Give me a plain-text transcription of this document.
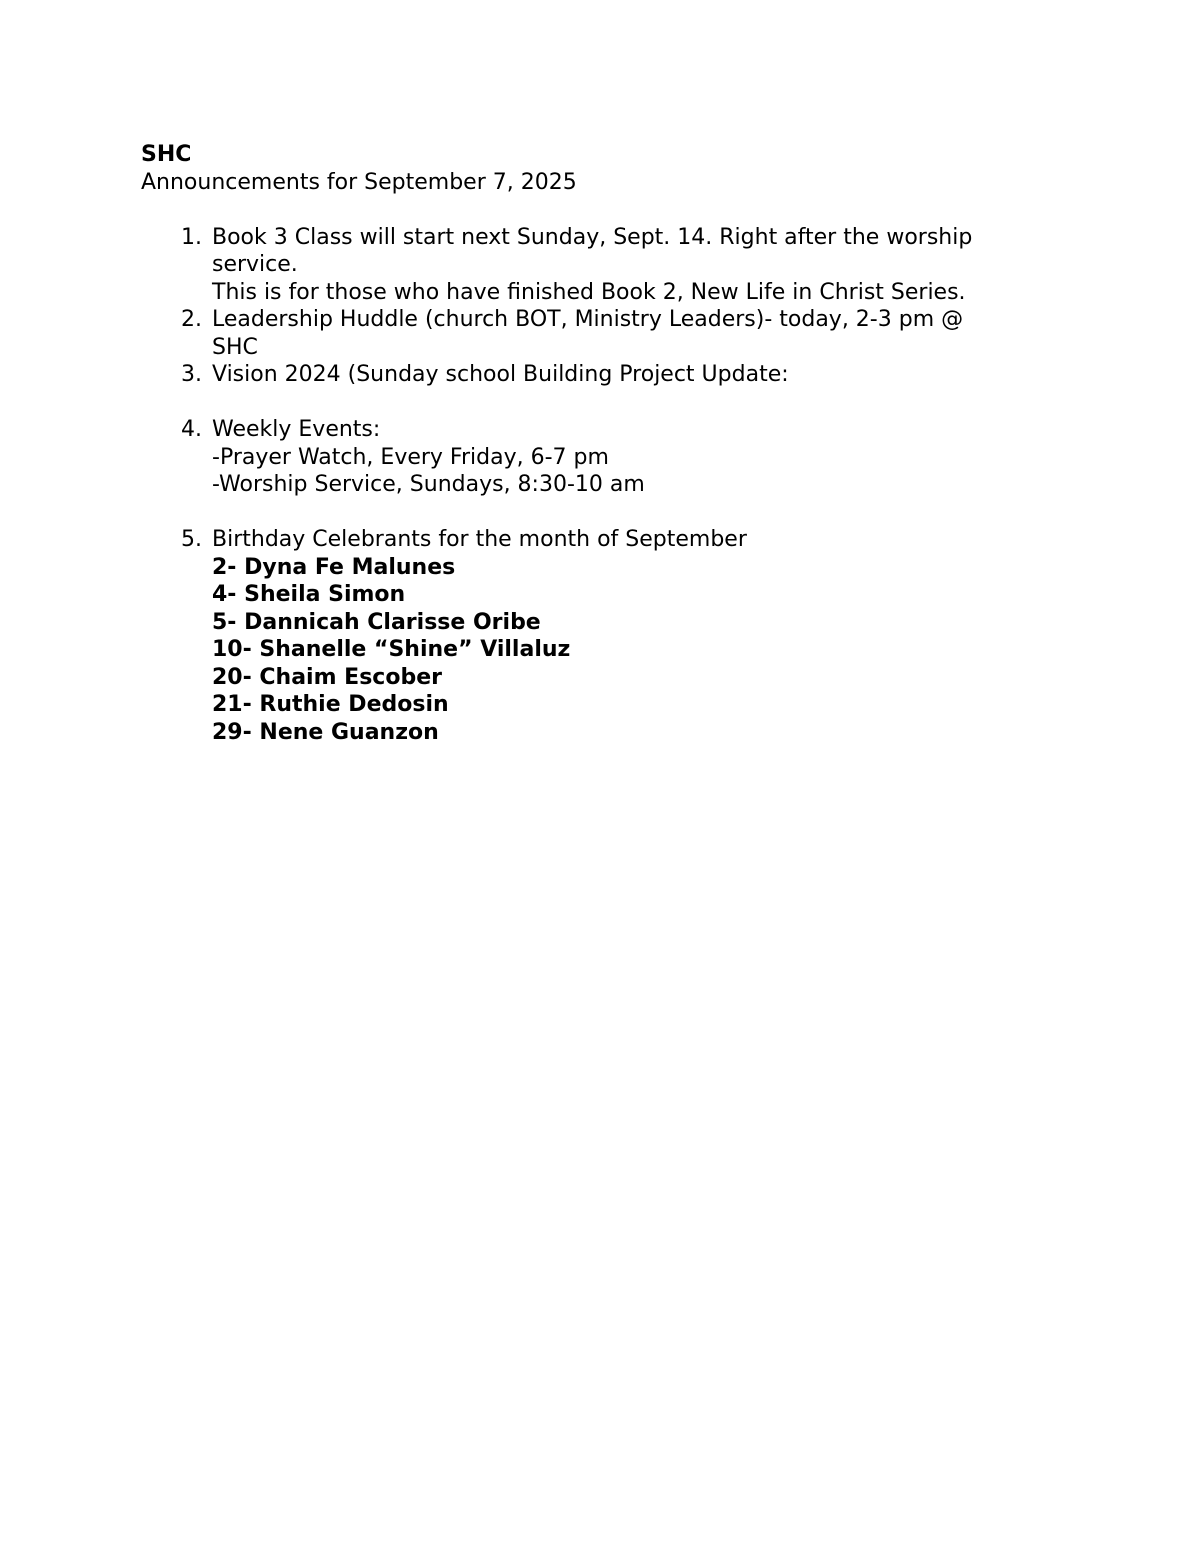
SHC
Announcements for September 7, 2025
1. Book 3 Class will start next Sunday, Sept. 14. Right after the worship
service.
This is for those who have finished Book 2, New Life in Christ Series.
2. Leadership Huddle (church BOT, Ministry Leaders)- today, 2-3 pm @
SHC
3. Vision 2024 (Sunday school Building Project Update:
4. Weekly Events:
-Prayer Watch, Every Friday, 6-7 pm
-Worship Service, Sundays, 8:30-10 am
5. Birthday Celebrants for the month of September
2- Dyna Fe Malunes
4- Sheila Simon
5- Dannicah Clarisse Oribe
10- Shanelle “Shine” Villaluz
20- Chaim Escober
21- Ruthie Dedosin
29- Nene Guanzon
